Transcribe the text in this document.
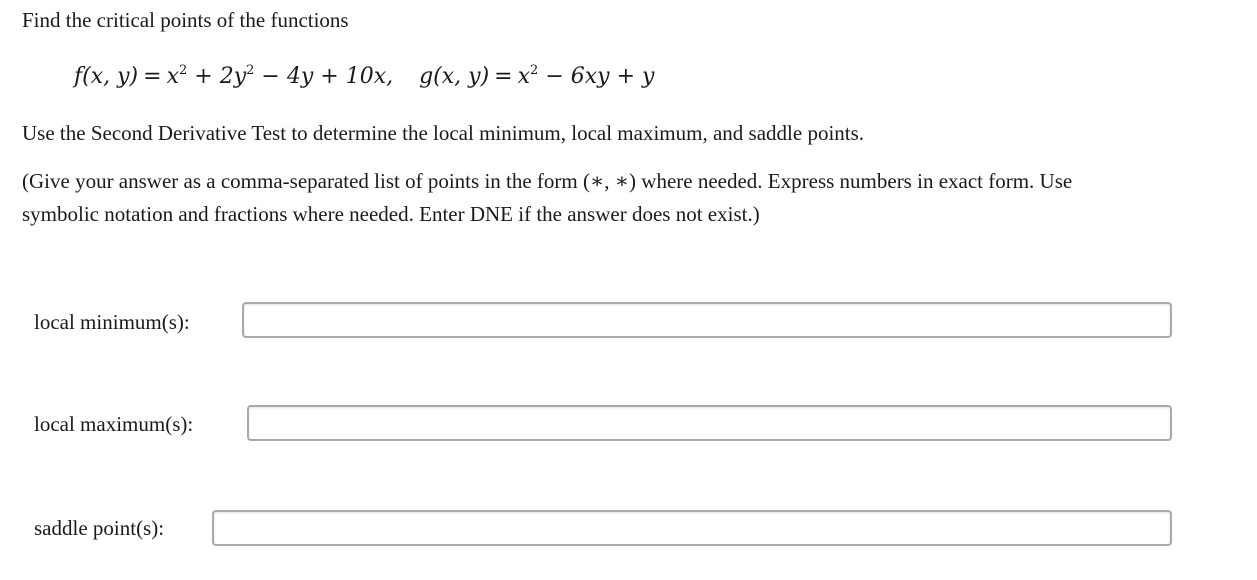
Find the critical points of the functions

f(x, $y) = x^2 + 2y^2 - 4y + 10x$, g(x, $y) = x^2 - 6xy + y$

Use the Second Derivative Test to determine the local minimum, local maximum, and saddle points.

(Give your answer as a comma-separated list of points in the form (∗, ∗) where needed. Express numbers in exact form. Use

symbolic notation and fractions where needed. Enter DNE if the answer does not exist.)

local minimum(s):
local maximum(s):
saddle point(s):
